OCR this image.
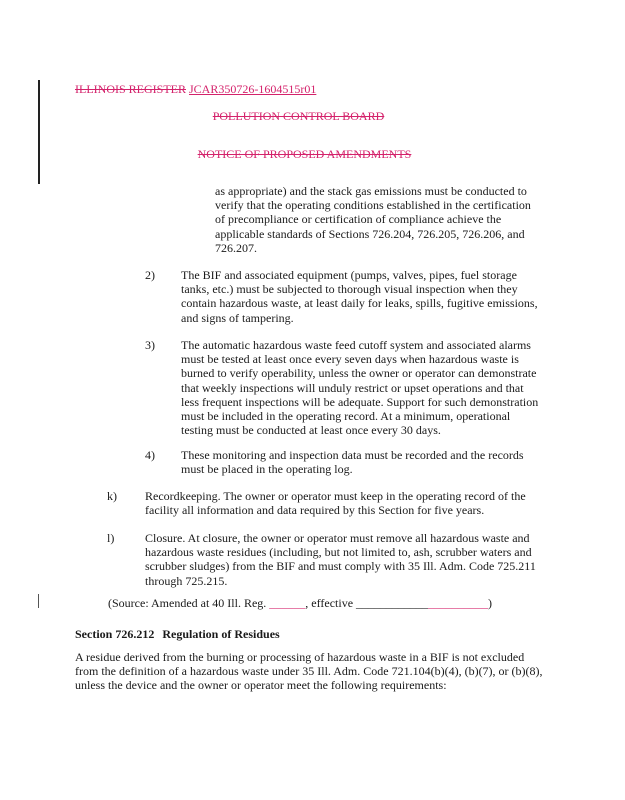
ILLINOIS REGISTER JCAR350726-1604515r01
POLLUTION CONTROL BOARD
NOTICE OF PROPOSED AMENDMENTS
as appropriate) and the stack gas emissions must be conducted to verify that the operating conditions established in the certification of precompliance or certification of compliance achieve the applicable standards of Sections 726.204, 726.205, 726.206, and 726.207.
2) The BIF and associated equipment (pumps, valves, pipes, fuel storage tanks, etc.) must be subjected to thorough visual inspection when they contain hazardous waste, at least daily for leaks, spills, fugitive emissions, and signs of tampering.
3) The automatic hazardous waste feed cutoff system and associated alarms must be tested at least once every seven days when hazardous waste is burned to verify operability, unless the owner or operator can demonstrate that weekly inspections will unduly restrict or upset operations and that less frequent inspections will be adequate. Support for such demonstration must be included in the operating record. At a minimum, operational testing must be conducted at least once every 30 days.
4) These monitoring and inspection data must be recorded and the records must be placed in the operating log.
k) Recordkeeping. The owner or operator must keep in the operating record of the facility all information and data required by this Section for five years.
l)	Closure. At closure, the owner or operator must remove all hazardous waste and hazardous waste residues (including, but not limited to, ash, scrubber waters and scrubber sludges) from the BIF and must comply with 35 Ill. Adm. Code 725.211 through 725.215.
(Source: Amended at 40 Ill. Reg. ______, effective ______________________)
Section 726.212 Regulation of Residues
A residue derived from the burning or processing of hazardous waste in a BIF is not excluded from the definition of a hazardous waste under 35 Ill. Adm. Code 721.104(b)(4), (b)(7), or (b)(8), unless the device and the owner or operator meet the following requirements:
